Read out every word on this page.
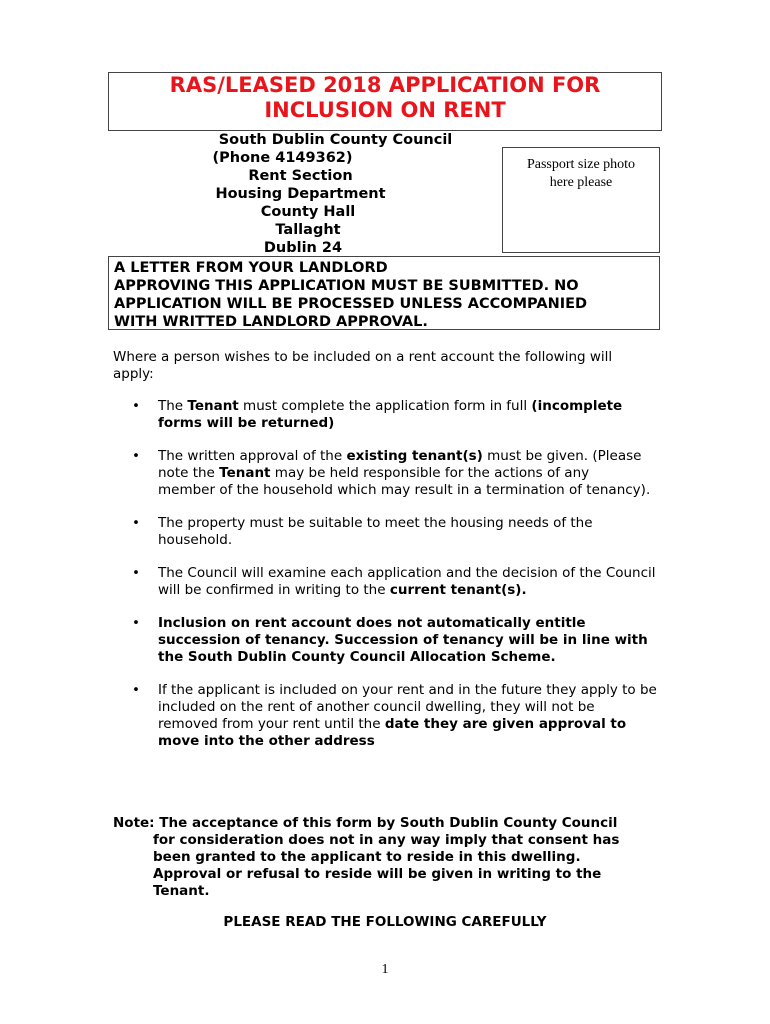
RAS/LEASED 2018 APPLICATION FOR
INCLUSION ON RENT
South Dublin County Council
(Phone 4149362)
Rent Section
Housing Department
County Hall
Tallaght
Dublin 24
Passport size photo
here please
A LETTER FROM YOUR LANDLORD
APPROVING THIS APPLICATION MUST BE SUBMITTED. NO
APPLICATION WILL BE PROCESSED UNLESS ACCOMPANIED
WITH WRITTED LANDLORD APPROVAL.
Where a person wishes to be included on a rent account the following will apply:
• The Tenant must complete the application form in full (incomplete forms will be returned)
• The written approval of the existing tenant(s) must be given. (Please note the Tenant may be held responsible for the actions of any      member of the household which may result in a termination of tenancy).
• The property must be suitable to meet the housing needs of the household.
• The Council will examine each application and the decision of the Council will be confirmed in writing to the current tenant(s).
• Inclusion on rent account does not automatically entitle succession of tenancy. Succession of tenancy will be in line with the South Dublin County Council Allocation Scheme.
• If the applicant is included on your rent and in the future they apply to be included on the rent of another council dwelling, they will not be removed from your rent until the date they are given approval to move into the other address
Note: The acceptance of this form by South Dublin County Council
for consideration does not in any way imply that consent has been granted to the applicant to reside in this dwelling. Approval or refusal to reside will be given in writing to the Tenant.
PLEASE READ THE FOLLOWING CAREFULLY
1
